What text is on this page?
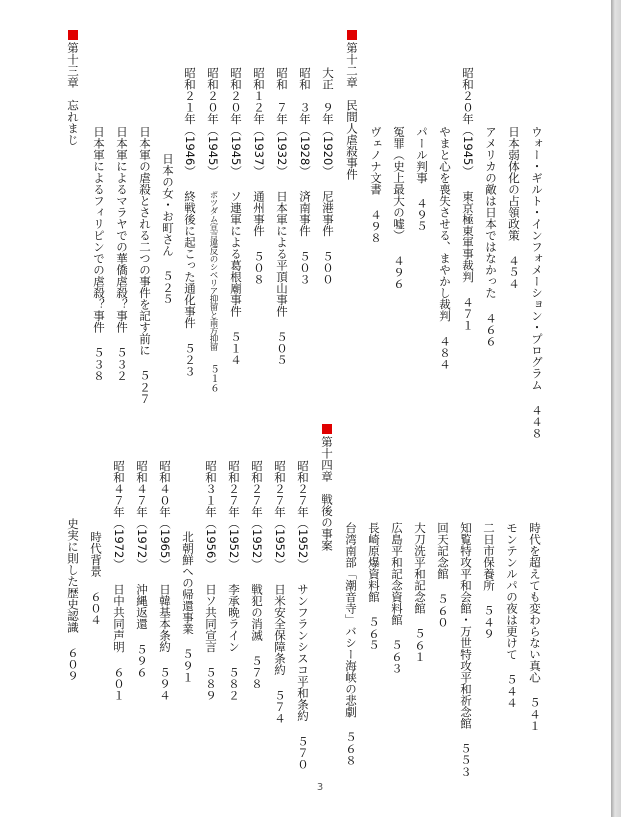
第十三章　忘れまじ
日本軍によるフィリピンでの虐殺？事件５３８
日本軍によるマラヤでの華僑虐殺？事件５３２
日本軍の虐殺とされる二つの事件を記す前に５２７
日本の女・お町さん５２５
昭和２１年（1946）終戦後に起こった通化事件５２３
昭和２０年（1945）ポツダム宣言違反のシベリア抑留と南方抑留５１６
昭和２０年（1945）ソ連軍による葛根廟事件５１４
昭和１２年（1937）通州事件５０８
昭和　７年（1932）日本軍による平頂山事件５０５
昭和　３年（1928）済南事件５０３
大正　９年（1920）尼港事件５００
第十二章　民間人虐殺事件 ヴェノナ文書４９８ 冤罪（史上最大の嘘）４９６
パール判事４９５ やまと心を喪失させる、まやかし裁判４８４
昭和２０年（1945）東京極東軍事裁判４７１
アメリカの敵は日本ではなかった４６６
日本弱体化の占領政策４５４ ウォー・ギルト・インフォメーション・プログラム４４８
史実に則した歴史認識６０９
時代背景６０４
昭和４７年（1972）日中共同声明６０１
昭和４７年（1972）沖縄返還５９６
昭和４０年（1965）日韓基本条約５９４
北朝鮮への帰還事業５９１
昭和３１年（1956）日ソ共同宣言５８９
昭和２７年（1952）李承晩ライン５８２
昭和２７年（1952）戦犯の消滅５７８
昭和２７年（1952）日米安全保障条約５７４
昭和２７年（1952）サンフランシスコ平和条約５７０
第十四章　戦後の事案
台湾南部「潮音寺」バシー海峡の悲劇５６８
長崎原爆資料館５６５
広島平和記念資料館５６３
大刀洗平和記念館５６１
回天記念館５６０ 知覧特攻平和会館・万世特攻平和祈念館５５３
二日市保養所５４９ モンテンルパの夜は更けて５４４
時代を超えても変わらない真心５４１
3
